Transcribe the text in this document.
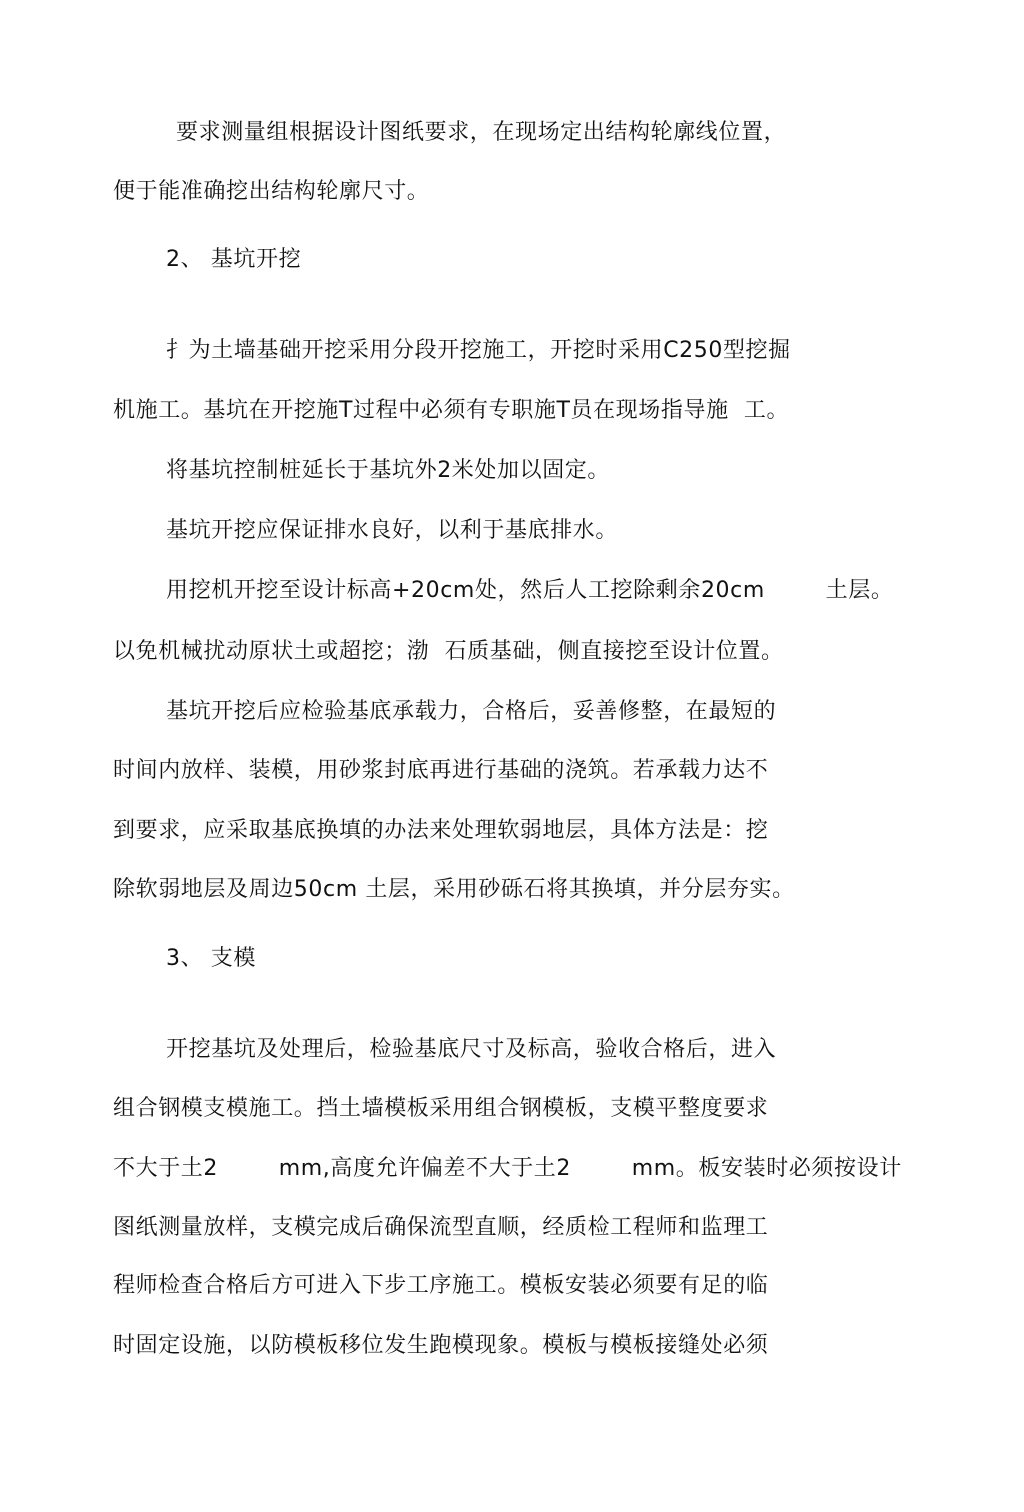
要求测量组根据设计图纸要求，在现场定出结构轮廓线位置，
便于能准确挖出结构轮廓尺寸。
2、 基坑开挖
扌为土墙基础开挖采用分段开挖施工，开挖时采用C250型挖掘
机施工。基坑在开挖施T过程中必须有专职施T员在现场指导施  工。
将基坑控制桩延长于基坑外2米处加以固定。
基坑开挖应保证排水良好，以利于基底排水。
用挖机开挖至设计标高+20cm处，然后人工挖除剩余20cm        土层。
以免机械扰动原状土或超挖；渤  石质基础，侧直接挖至设计位置。
基坑开挖后应检验基底承载力，合格后，妥善修整，在最短的
时间内放样、装模，用砂浆封底再进行基础的浇筑。若承载力达不
到要求，应采取基底换填的办法来处理软弱地层，具体方法是：挖
除软弱地层及周边50cm 土层，采用砂砾石将其换填，并分层夯实。
3、 支模
开挖基坑及处理后，检验基底尺寸及标高，验收合格后，进入
组合钢模支模施工。挡土墙模板采用组合钢模板，支模平整度要求
不大于土2        mm,高度允许偏差不大于土2        mm。板安装时必须按设计
图纸测量放样，支模完成后确保流型直顺，经质检工程师和监理工
程师检查合格后方可进入下步工序施工。模板安装必须要有足的临
时固定设施，以防模板移位发生跑模现象。模板与模板接缝处必须
